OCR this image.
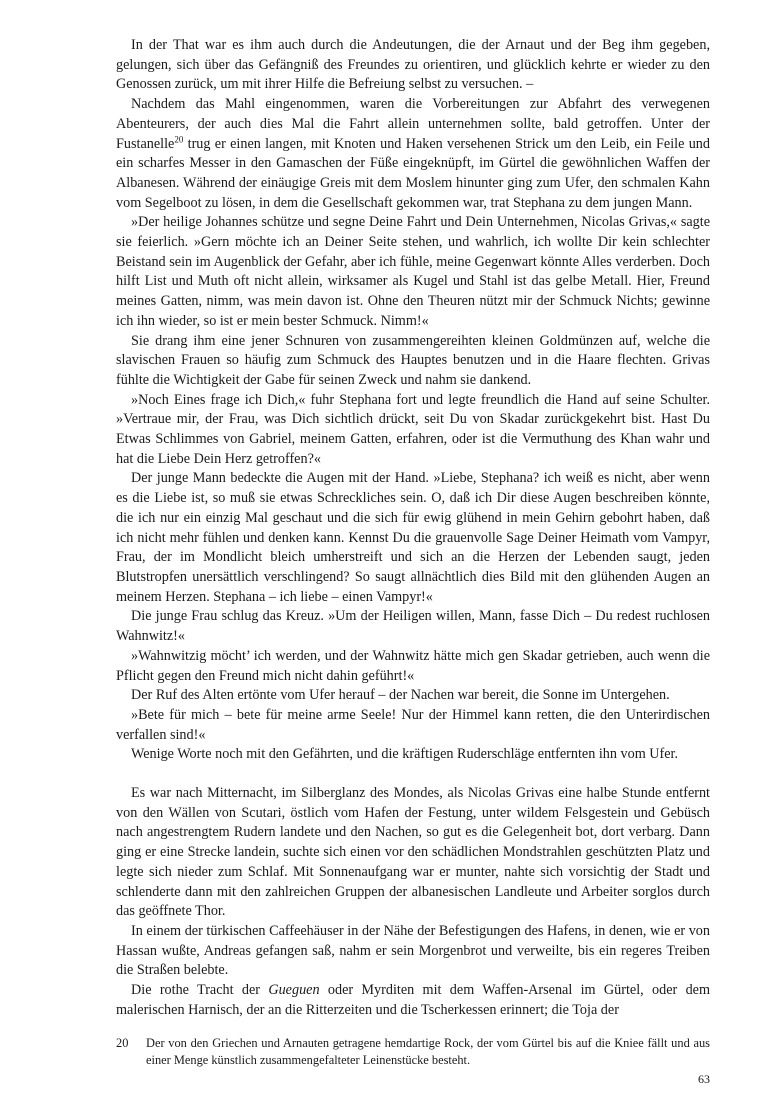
In der That war es ihm auch durch die Andeutungen, die der Arnaut und der Beg ihm gegeben, gelungen, sich über das Gefängniß des Freundes zu orientiren, und glücklich kehrte er wieder zu den Genossen zurück, um mit ihrer Hilfe die Befreiung selbst zu versuchen. –

Nachdem das Mahl eingenommen, waren die Vorbereitungen zur Abfahrt des verwegenen Abenteurers, der auch dies Mal die Fahrt allein unternehmen sollte, bald getroffen. Unter der Fustanelle$^{20}$ trug er einen langen, mit Knoten und Haken versehenen Strick um den Leib, ein Feile und ein scharfes Messer in den Gamaschen der Füße eingeknüpft, im Gürtel die gewöhnlichen Waffen der Albanesen. Während der einäugige Greis mit dem Moslem hinunter ging zum Ufer, den schmalen Kahn vom Segelboot zu lösen, in dem die Gesellschaft gekommen war, trat Stephana zu dem jungen Mann.

»Der heilige Johannes schütze und segne Deine Fahrt und Dein Unternehmen, Nicolas Grivas,« sagte sie feierlich. »Gern möchte ich an Deiner Seite stehen, und wahrlich, ich wollte Dir kein schlechter Beistand sein im Augenblick der Gefahr, aber ich fühle, meine Gegenwart könnte Alles verderben. Doch hilft List und Muth oft nicht allein, wirksamer als Kugel und Stahl ist das gelbe Metall. Hier, Freund meines Gatten, nimm, was mein davon ist. Ohne den Theuren nützt mir der Schmuck Nichts; gewinne ich ihn wieder, so ist er mein bester Schmuck. Nimm!«

Sie drang ihm eine jener Schnuren von zusammengereihten kleinen Goldmünzen auf, welche die slavischen Frauen so häufig zum Schmuck des Hauptes benutzen und in die Haare flechten. Grivas fühlte die Wichtigkeit der Gabe für seinen Zweck und nahm sie dankend.

»Noch Eines frage ich Dich,« fuhr Stephana fort und legte freundlich die Hand auf seine Schulter. »Vertraue mir, der Frau, was Dich sichtlich drückt, seit Du von Skadar zurückgekehrt bist. Hast Du Etwas Schlimmes von Gabriel, meinem Gatten, erfahren, oder ist die Vermuthung des Khan wahr und hat die Liebe Dein Herz getroffen?«

Der junge Mann bedeckte die Augen mit der Hand. »Liebe, Stephana? ich weiß es nicht, aber wenn es die Liebe ist, so muß sie etwas Schreckliches sein. O, daß ich Dir diese Augen beschreiben könnte, die ich nur ein einzig Mal geschaut und die sich für ewig glühend in mein Gehirn gebohrt haben, daß ich nicht mehr fühlen und denken kann. Kennst Du die grauenvolle Sage Deiner Heimath vom Vampyr, Frau, der im Mondlicht bleich umherstreift und sich an die Herzen der Lebenden saugt, jeden Blutstropfen unersättlich verschlingend? So saugt allnächtlich dies Bild mit den glühenden Augen an meinem Herzen. Stephana – ich liebe – einen Vampyr!«

Die junge Frau schlug das Kreuz. »Um der Heiligen willen, Mann, fasse Dich – Du redest ruchlosen Wahnwitz!«

»Wahnwitzig möcht’ ich werden, und der Wahnwitz hätte mich gen Skadar getrieben, auch wenn die Pflicht gegen den Freund mich nicht dahin geführt!«

Der Ruf des Alten ertönte vom Ufer herauf – der Nachen war bereit, die Sonne im Untergehen.

»Bete für mich – bete für meine arme Seele! Nur der Himmel kann retten, die den Unterirdischen verfallen sind!«

Wenige Worte noch mit den Gefährten, und die kräftigen Ruderschläge entfernten ihn vom Ufer.

Es war nach Mitternacht, im Silberglanz des Mondes, als Nicolas Grivas eine halbe Stunde entfernt von den Wällen von Scutari, östlich vom Hafen der Festung, unter wildem Felsgestein und Gebüsch nach angestrengtem Rudern landete und den Nachen, so gut es die Gelegenheit bot, dort verbarg. Dann ging er eine Strecke landein, suchte sich einen vor den schädlichen Mondstrahlen geschützten Platz und legte sich nieder zum Schlaf. Mit Sonnenaufgang war er munter, nahte sich vorsichtig der Stadt und schlenderte dann mit den zahlreichen Gruppen der albanesischen Landleute und Arbeiter sorglos durch das geöffnete Thor.

In einem der türkischen Caffeehäuser in der Nähe der Befestigungen des Hafens, in denen, wie er von Hassan wußte, Andreas gefangen saß, nahm er sein Morgenbrot und verweilte, bis ein regeres Treiben die Straßen belebte.

Die rothe Tracht der Gueguen oder Myrditen mit dem Waffen-Arsenal im Gürtel, oder dem malerischen Harnisch, der an die Ritterzeiten und die Tscherkessen erinnert; die Toja der

20	Der von den Griechen und Arnauten getragene hemdartige Rock, der vom Gürtel bis auf die Kniee fällt und aus einer Menge künstlich zusammengefalteter Leinenstücke besteht.
63
